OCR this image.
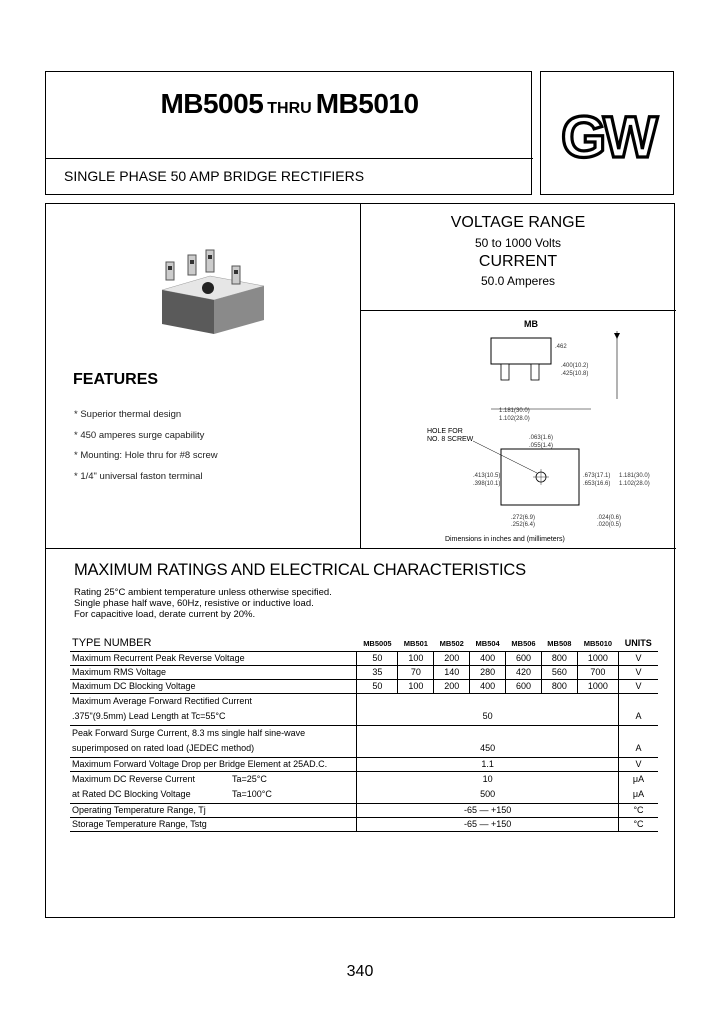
MB5005 THRU MB5010
SINGLE PHASE 50 AMP BRIDGE RECTIFIERS
GW
FEATURES
* Superior thermal design
* 450 amperes surge capability
* Mounting: Hole thru for #8 screw
* 1/4" universal faston terminal
VOLTAGE RANGE
50 to 1000 Volts
CURRENT
50.0 Amperes
MB
.462
.400(10.2)
.425(10.8)
1.181(30.0)
1.102(28.0)
HOLE FOR
NO. 8 SCREW	.063(1.6)
.055(1.4)
.413(10.5)
.398(10.1)
.673(17.1)
.653(16.6)
1.181(30.0)
1.102(28.0)
.272(6.9)
.252(6.4)
.024(0.6)
.020(0.5)
Dimensions in inches and (millimeters)
MAXIMUM RATINGS AND ELECTRICAL CHARACTERISTICS
Rating 25°C ambient temperature unless otherwise specified.
Single phase half wave, 60Hz, resistive or inductive load.
For capacitive load, derate current by 20%.
TYPE NUMBER		MB5005	MB501	MB502	MB504	MB506	MB508	MB5010	UNITS
Maximum Recurrent Peak Reverse Voltage		50	100	200	400	600	800	1000	V
Maximum RMS Voltage		35	70	140	280	420	560	700	V
Maximum DC Blocking Voltage		50	100	200	400	600	800	1000	V
Maximum Average Forward Rectified Current									
.375"(9.5mm) Lead Length at Tc=55°C		50							A
Peak Forward Surge Current, 8.3 ms single half sine-wave									
superimposed on rated load (JEDEC method)		450							A
Maximum Forward Voltage Drop per Bridge Element at 25AD.C.		1.1							V
Maximum DC Reverse Current	Ta=25°C	10							μA
at Rated DC Blocking Voltage	Ta=100°C	500							μA
Operating Temperature Range, Tj		-65 — +150							°C
Storage Temperature Range, Tstg		-65 — +150							°C
340
